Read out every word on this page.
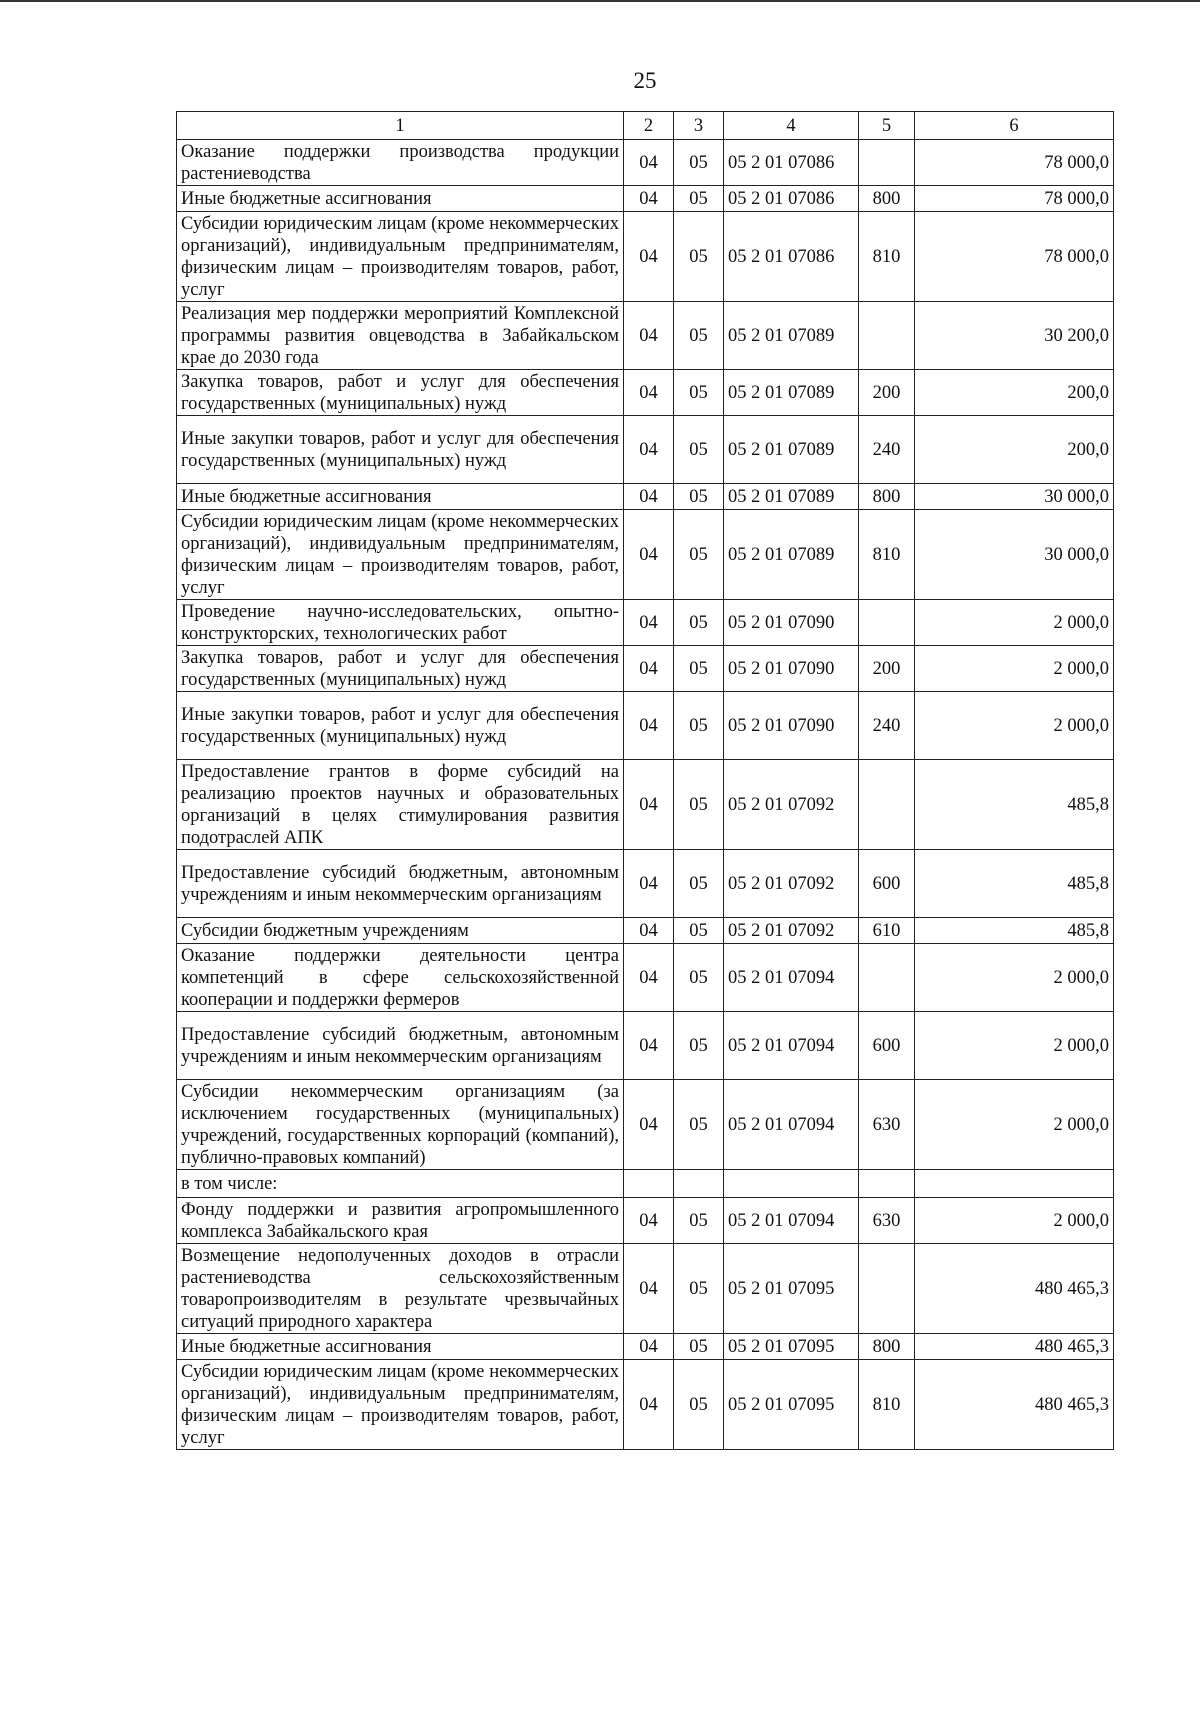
25
1	2	3	4	5	6
Оказание поддержки производства продукции растениеводства	04	05	05 2 01 07086		78 000,0
Иные бюджетные ассигнования	04	05	05 2 01 07086	800	78 000,0
Субсидии юридическим лицам (кроме некоммерческих организаций), индивидуальным предпринимателям, физическим лицам – производителям товаров, работ, услуг	04	05	05 2 01 07086	810	78 000,0
Реализация мер поддержки мероприятий Комплексной программы развития овцеводства в Забайкальском крае до 2030 года	04	05	05 2 01 07089		30 200,0
Закупка товаров, работ и услуг для обеспечения государственных (муниципальных) нужд	04	05	05 2 01 07089	200	200,0
Иные закупки товаров, работ и услуг для обеспечения государственных (муниципальных) нужд	04	05	05 2 01 07089	240	200,0
Иные бюджетные ассигнования	04	05	05 2 01 07089	800	30 000,0
Субсидии юридическим лицам (кроме некоммерческих организаций), индивидуальным предпринимателям, физическим лицам – производителям товаров, работ, услуг	04	05	05 2 01 07089	810	30 000,0
Проведение научно-исследовательских, опытно-конструкторских, технологических работ	04	05	05 2 01 07090		2 000,0
Закупка товаров, работ и услуг для обеспечения государственных (муниципальных) нужд	04	05	05 2 01 07090	200	2 000,0
Иные закупки товаров, работ и услуг для обеспечения государственных (муниципальных) нужд	04	05	05 2 01 07090	240	2 000,0
Предоставление грантов в форме субсидий на реализацию проектов научных и образовательных организаций в целях стимулирования развития подотраслей АПК	04	05	05 2 01 07092		485,8
Предоставление субсидий бюджетным, автономным учреждениям и иным некоммерческим организациям	04	05	05 2 01 07092	600	485,8
Субсидии бюджетным учреждениям	04	05	05 2 01 07092	610	485,8
Оказание поддержки деятельности центра компетенций в сфере сельскохозяйственной кооперации и поддержки фермеров	04	05	05 2 01 07094		2 000,0
Предоставление субсидий бюджетным, автономным учреждениям и иным некоммерческим организациям	04	05	05 2 01 07094	600	2 000,0
Субсидии некоммерческим организациям (за исключением государственных (муниципальных) учреждений, государственных корпораций (компаний), публично-правовых компаний)	04	05	05 2 01 07094	630	2 000,0
в том числе:					
Фонду поддержки и развития агропромышленного комплекса Забайкальского края	04	05	05 2 01 07094	630	2 000,0
Возмещение недополученных доходов в отрасли растениеводства сельскохозяйственным товаропроизводителям в результате чрезвычайных ситуаций природного характера	04	05	05 2 01 07095		480 465,3
Иные бюджетные ассигнования	04	05	05 2 01 07095	800	480 465,3
Субсидии юридическим лицам (кроме некоммерческих организаций), индивидуальным предпринимателям, физическим лицам – производителям товаров, работ, услуг	04	05	05 2 01 07095	810	480 465,3
